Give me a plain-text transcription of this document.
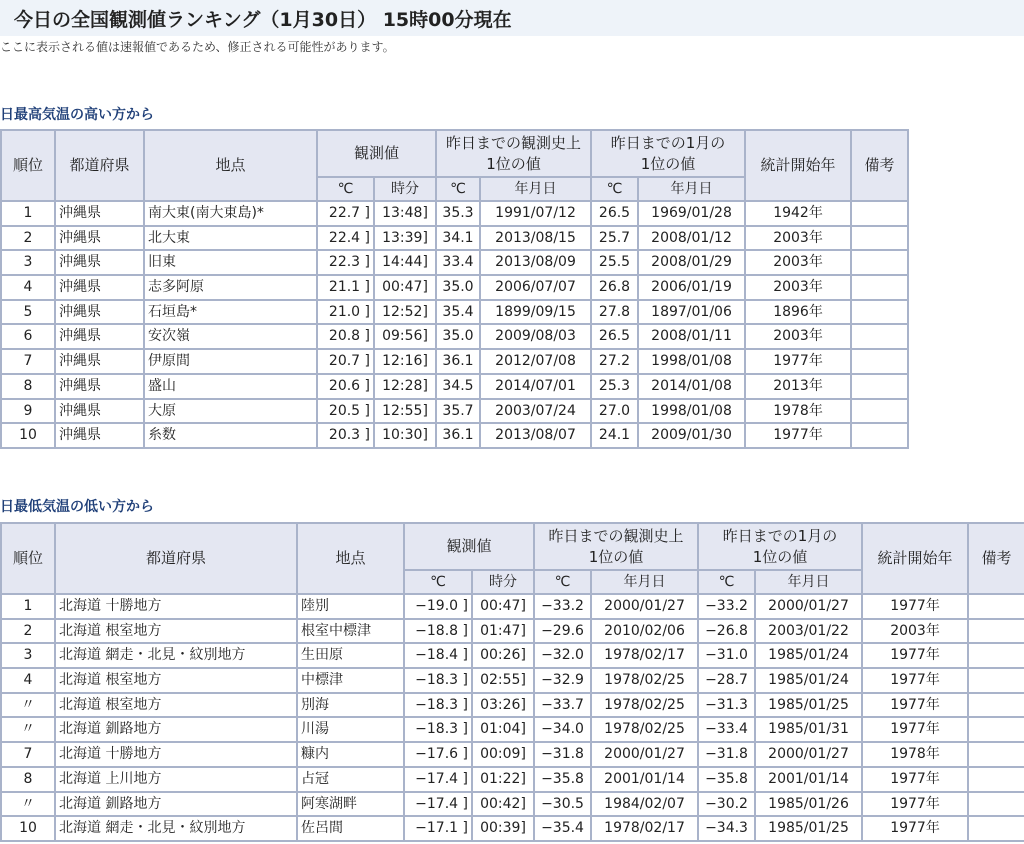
今日の全国観測値ランキング（1月30日） 15時00分現在
ここに表示される値は速報値であるため、修正される可能性があります。
日最高気温の高い方から
順位	都道府県	地点	観測値		昨日までの観測史上1位の値		昨日までの1月の1位の値		統計開始年	備考
			℃	時分	℃	年月日	℃	年月日		
1	沖縄県	南大東(南大東島)*	22.7 ]	13:48]	35.3	1991/07/12	26.5	1969/01/28	1942年	
2	沖縄県	北大東	22.4 ]	13:39]	34.1	2013/08/15	25.7	2008/01/12	2003年	
3	沖縄県	旧東	22.3 ]	14:44]	33.4	2013/08/09	25.5	2008/01/29	2003年	
4	沖縄県	志多阿原	21.1 ]	00:47]	35.0	2006/07/07	26.8	2006/01/19	2003年	
5	沖縄県	石垣島*	21.0 ]	12:52]	35.4	1899/09/15	27.8	1897/01/06	1896年	
6	沖縄県	安次嶺	20.8 ]	09:56]	35.0	2009/08/03	26.5	2008/01/11	2003年	
7	沖縄県	伊原間	20.7 ]	12:16]	36.1	2012/07/08	27.2	1998/01/08	1977年	
8	沖縄県	盛山	20.6 ]	12:28]	34.5	2014/07/01	25.3	2014/01/08	2013年	
9	沖縄県	大原	20.5 ]	12:55]	35.7	2003/07/24	27.0	1998/01/08	1978年	
10	沖縄県	糸数	20.3 ]	10:30]	36.1	2013/08/07	24.1	2009/01/30	1977年	
日最低気温の低い方から
順位	都道府県	地点	観測値		昨日までの観測史上1位の値		昨日までの1月の1位の値		統計開始年	備考
			℃	時分	℃	年月日	℃	年月日		
1	北海道 十勝地方	陸別	−19.0 ]	00:47]	−33.2	2000/01/27	−33.2	2000/01/27	1977年	
2	北海道 根室地方	根室中標津	−18.8 ]	01:47]	−29.6	2010/02/06	−26.8	2003/01/22	2003年	
3	北海道 網走・北見・紋別地方	生田原	−18.4 ]	00:26]	−32.0	1978/02/17	−31.0	1985/01/24	1977年	
4	北海道 根室地方	中標津	−18.3 ]	02:55]	−32.9	1978/02/25	−28.7	1985/01/24	1977年	
〃	北海道 根室地方	別海	−18.3 ]	03:26]	−33.7	1978/02/25	−31.3	1985/01/25	1977年	
〃	北海道 釧路地方	川湯	−18.3 ]	01:04]	−34.0	1978/02/25	−33.4	1985/01/31	1977年	
7	北海道 十勝地方	糠内	−17.6 ]	00:09]	−31.8	2000/01/27	−31.8	2000/01/27	1978年	
8	北海道 上川地方	占冠	−17.4 ]	01:22]	−35.8	2001/01/14	−35.8	2001/01/14	1977年	
〃	北海道 釧路地方	阿寒湖畔	−17.4 ]	00:42]	−30.5	1984/02/07	−30.2	1985/01/26	1977年	
10	北海道 網走・北見・紋別地方	佐呂間	−17.1 ]	00:39]	−35.4	1978/02/17	−34.3	1985/01/25	1977年	
